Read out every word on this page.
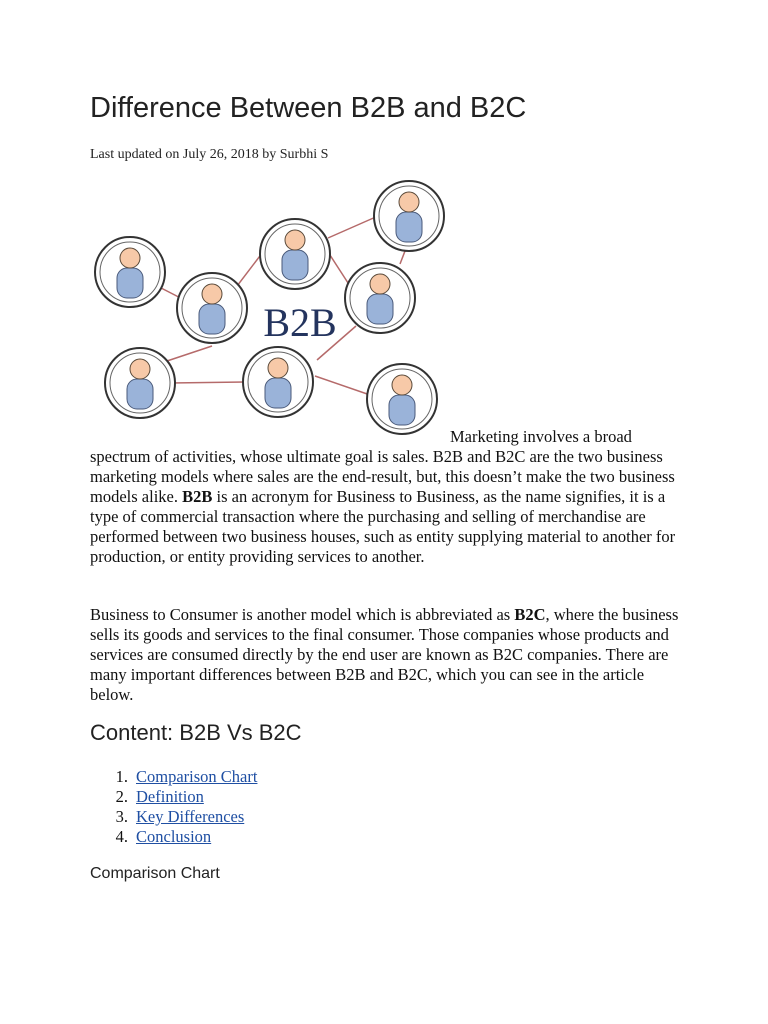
Difference Between B2B and B2C
Last updated on July 26, 2018 by Surbhi S
B2B

Marketing involves a broad
spectrum of activities, whose ultimate goal is sales. B2B and B2C are the two business marketing models where sales are the end-result, but, this doesn’t make the two business models alike. B2B is an acronym for Business to Business, as the name signifies, it is a type of commercial transaction where the purchasing and selling of merchandise are performed between two business houses, such as entity supplying material to another for production, or entity providing services to another.

Business to Consumer is another model which is abbreviated as B2C, where the business sells its goods and services to the final consumer. Those companies whose products and services are consumed directly by the end user are known as B2C companies. There are many important differences between B2B and B2C, which you can see in the article below.

Content: B2B Vs B2C
1. Comparison Chart
2. Definition
3. Key Differences
4. Conclusion
Comparison Chart
